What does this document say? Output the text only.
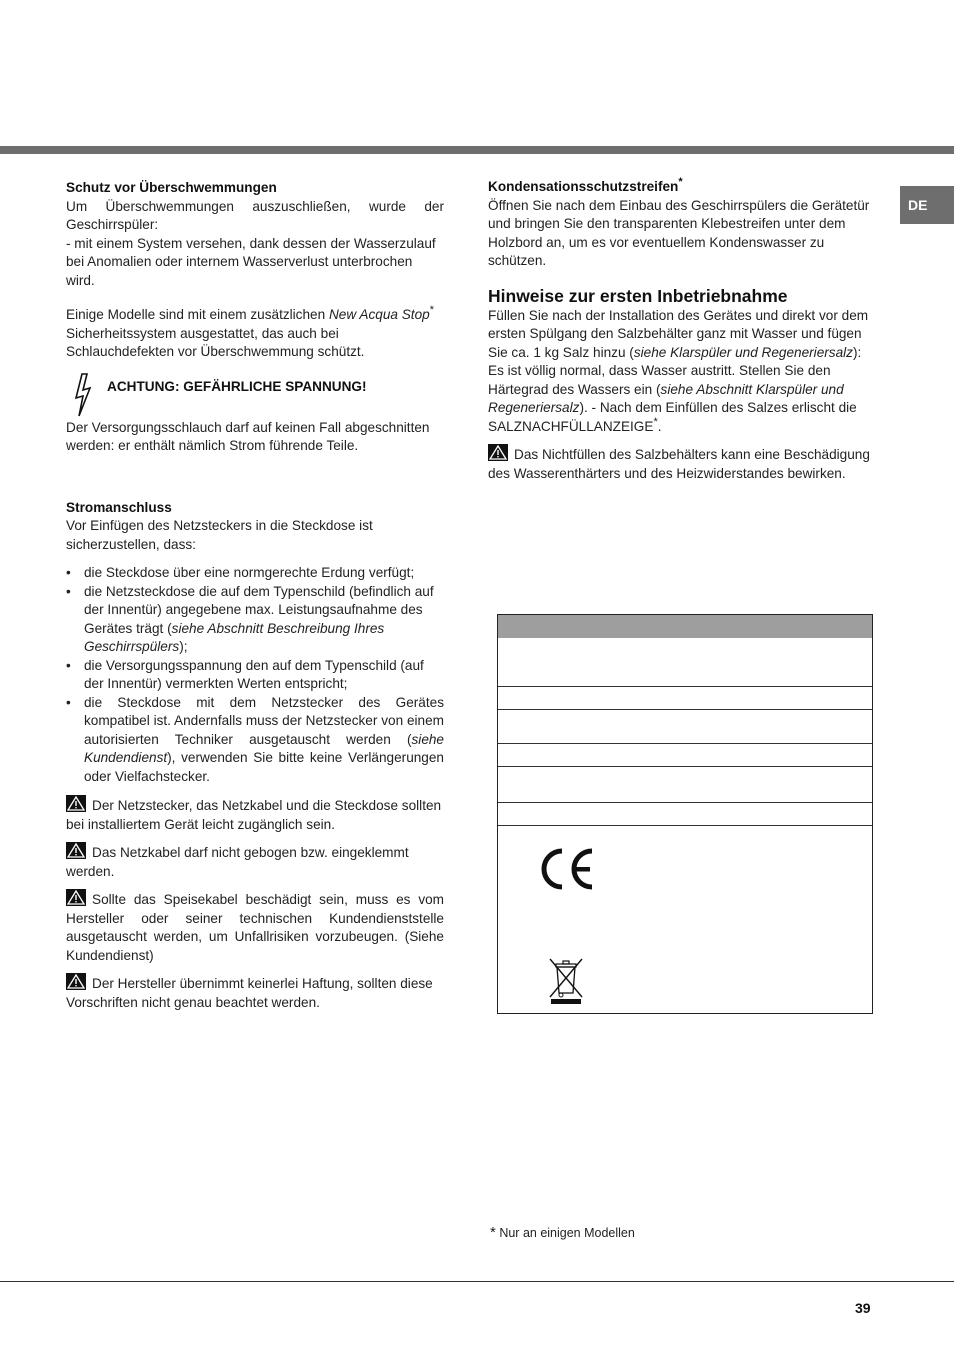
DE
Schutz vor Überschwemmungen

Um Überschwemmungen auszuschließen, wurde der Geschirrspüler:

- mit einem System versehen, dank dessen der Wasserzulauf bei Anomalien oder internem Wasserverlust unterbrochen wird.

Einige Modelle sind mit einem zusätzlichen New Acqua Stop* Sicherheitssystem ausgestattet, das auch bei Schlauchdefekten vor Überschwemmung schützt.

ACHTUNG: GEFÄHRLICHE SPANNUNG!

Der Versorgungsschlauch darf auf keinen Fall abgeschnitten werden: er enthält nämlich Strom führende Teile.

Stromanschluss

Vor Einfügen des Netzsteckers in die Steckdose ist sicherzustellen, dass:

• die Steckdose über eine normgerechte Erdung verfügt;
• die Netzsteckdose die auf dem Typenschild (befindlich auf der Innentür) angegebene max. Leistungsaufnahme des Gerätes trägt (siehe Abschnitt Beschreibung Ihres Geschirrspülers);
• die Versorgungsspannung den auf dem Typenschild (auf der Innentür) vermerkten Werten entspricht;
• die Steckdose mit dem Netzstecker des Gerätes kompatibel ist. Andernfalls muss der Netzstecker von einem autorisierten Techniker ausgetauscht werden (siehe Kundendienst), verwenden Sie bitte keine Verlängerungen oder Vielfachstecker.

Der Netzstecker, das Netzkabel und die Steckdose sollten bei installiertem Gerät leicht zugänglich sein.

Das Netzkabel darf nicht gebogen bzw. eingeklemmt werden.

Sollte das Speisekabel beschädigt sein, muss es vom Hersteller oder seiner technischen Kundendienststelle ausgetauscht werden, um Unfallrisiken vorzubeugen. (Siehe Kundendienst)

Der Hersteller übernimmt keinerlei Haftung, sollten diese Vorschriften nicht genau beachtet werden.

Kondensationsschutzstreifen*

Öffnen Sie nach dem Einbau des Geschirrspülers die Gerätetür und bringen Sie den transparenten Klebestreifen unter dem Holzbord an, um es vor eventuellem Kondenswasser zu schützen.

Hinweise zur ersten Inbetriebnahme

Füllen Sie nach der Installation des Gerätes und direkt vor dem ersten Spülgang den Salzbehälter ganz mit Wasser und fügen Sie ca. 1 kg Salz hinzu (siehe Klarspüler und Regeneriersalz): Es ist völlig normal, dass Wasser austritt. Stellen Sie den Härtegrad des Wassers ein (siehe Abschnitt Klarspüler und Regeneriersalz). - Nach dem Einfüllen des Salzes erlischt die SALZNACHFÜLLANZEIGE*.

Das Nichtfüllen des Salzbehälters kann eine Beschädigung des Wasserenthärters und des Heizwiderstandes bewirken.

* Nur an einigen Modellen
39
